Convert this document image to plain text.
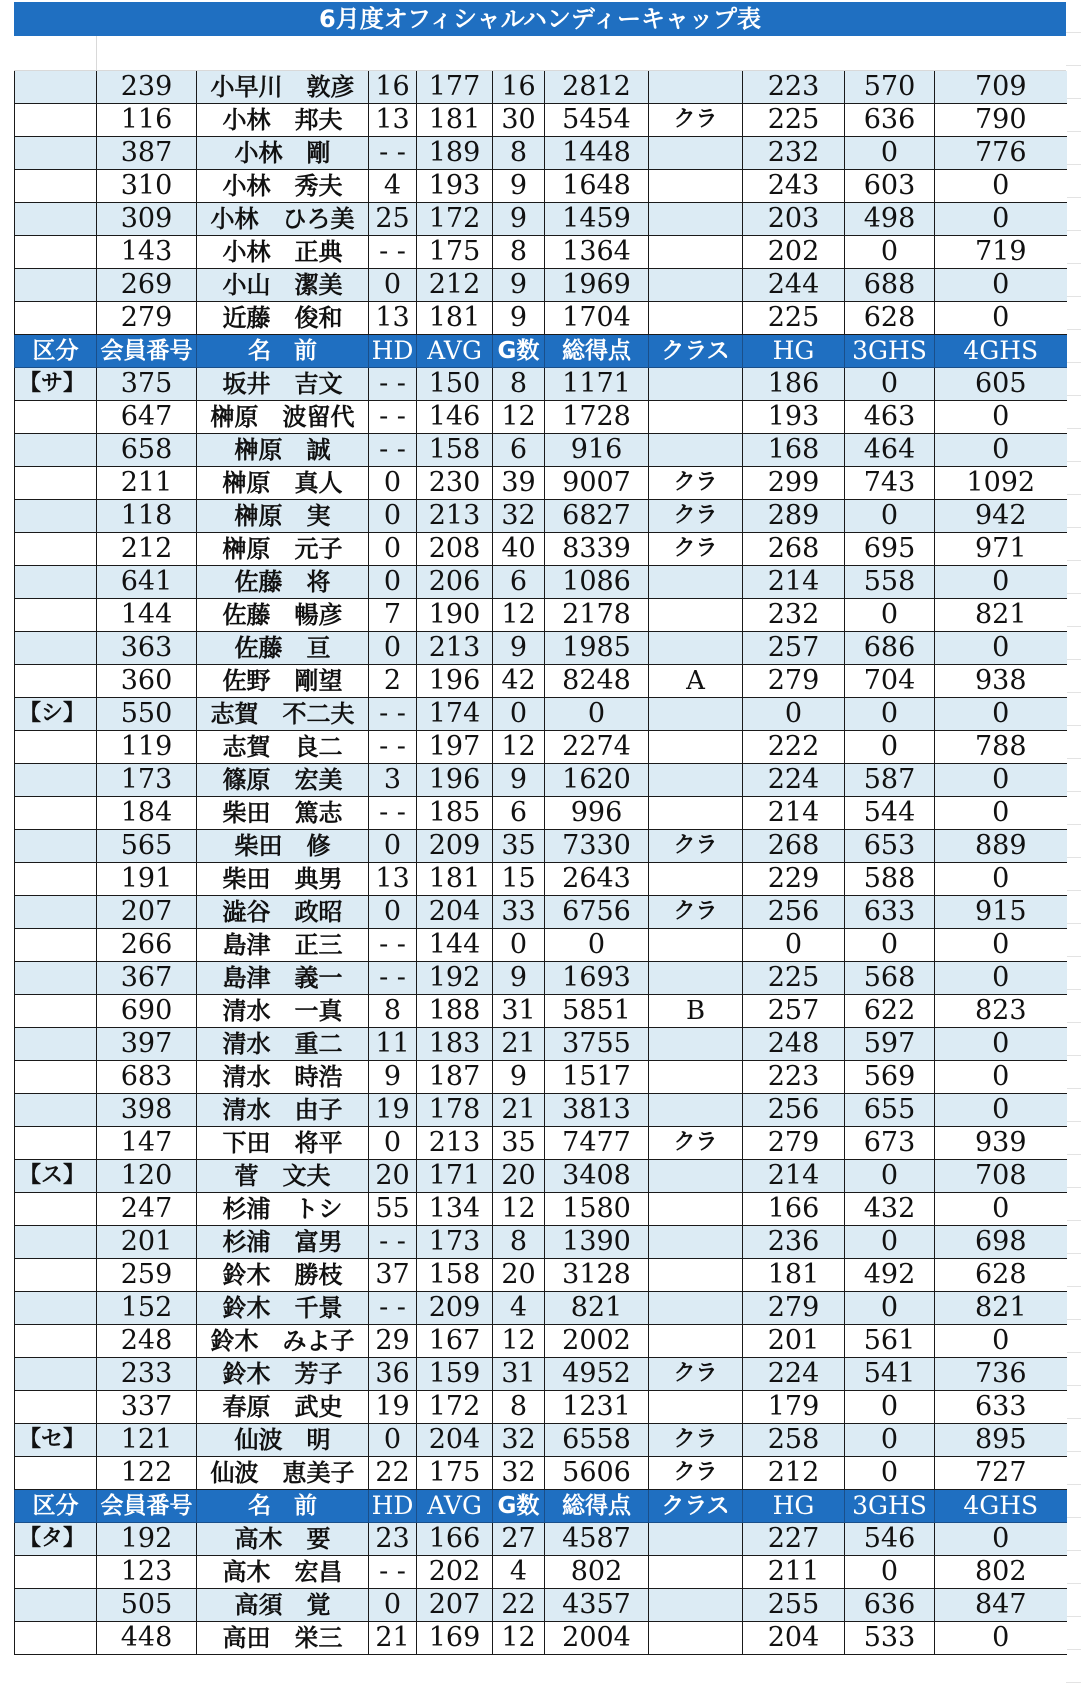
6月度オフィシャルハンディーキャップ表
	239	小早川　敦彦	16	177	16	2812		223	570	709
	116	小林　邦夫	13	181	30	5454	クラ	225	636	790
	387	小林　剛	- -	189	8	1448		232	0	776
	310	小林　秀夫	4	193	9	1648		243	603	0
	309	小林　ひろ美	25	172	9	1459		203	498	0
	143	小林　正典	- -	175	8	1364		202	0	719
	269	小山　潔美	0	212	9	1969		244	688	0
	279	近藤　俊和	13	181	9	1704		225	628	0
区分	会員番号	名　前	HD	AVG	G数	総得点	クラス	HG	3GHS	4GHS
【サ】	375	坂井　吉文	- -	150	8	1171		186	0	605
	647	榊原　波留代	- -	146	12	1728		193	463	0
	658	榊原　誠	- -	158	6	916		168	464	0
	211	榊原　真人	0	230	39	9007	クラ	299	743	1092
	118	榊原　実	0	213	32	6827	クラ	289	0	942
	212	榊原　元子	0	208	40	8339	クラ	268	695	971
	641	佐藤　将	0	206	6	1086		214	558	0
	144	佐藤　暢彦	7	190	12	2178		232	0	821
	363	佐藤　亘	0	213	9	1985		257	686	0
	360	佐野　剛望	2	196	42	8248	A	279	704	938
【シ】	550	志賀　不二夫	- -	174	0	0		0	0	0
	119	志賀　良二	- -	197	12	2274		222	0	788
	173	篠原　宏美	3	196	9	1620		224	587	0
	184	柴田　篤志	- -	185	6	996		214	544	0
	565	柴田　修	0	209	35	7330	クラ	268	653	889
	191	柴田　典男	13	181	15	2643		229	588	0
	207	澁谷　政昭	0	204	33	6756	クラ	256	633	915
	266	島津　正三	- -	144	0	0		0	0	0
	367	島津　義一	- -	192	9	1693		225	568	0
	690	清水　一真	8	188	31	5851	B	257	622	823
	397	清水　重二	11	183	21	3755		248	597	0
	683	清水　時浩	9	187	9	1517		223	569	0
	398	清水　由子	19	178	21	3813		256	655	0
	147	下田　将平	0	213	35	7477	クラ	279	673	939
【ス】	120	菅　文夫	20	171	20	3408		214	0	708
	247	杉浦　トシ	55	134	12	1580		166	432	0
	201	杉浦　富男	- -	173	8	1390		236	0	698
	259	鈴木　勝枝	37	158	20	3128		181	492	628
	152	鈴木　千景	- -	209	4	821		279	0	821
	248	鈴木　みよ子	29	167	12	2002		201	561	0
	233	鈴木　芳子	36	159	31	4952	クラ	224	541	736
	337	春原　武史	19	172	8	1231		179	0	633
【セ】	121	仙波　明	0	204	32	6558	クラ	258	0	895
	122	仙波　恵美子	22	175	32	5606	クラ	212	0	727
区分	会員番号	名　前	HD	AVG	G数	総得点	クラス	HG	3GHS	4GHS
【タ】	192	高木　要	23	166	27	4587		227	546	0
	123	高木　宏昌	- -	202	4	802		211	0	802
	505	高須　覚	0	207	22	4357		255	636	847
	448	高田　栄三	21	169	12	2004		204	533	0
